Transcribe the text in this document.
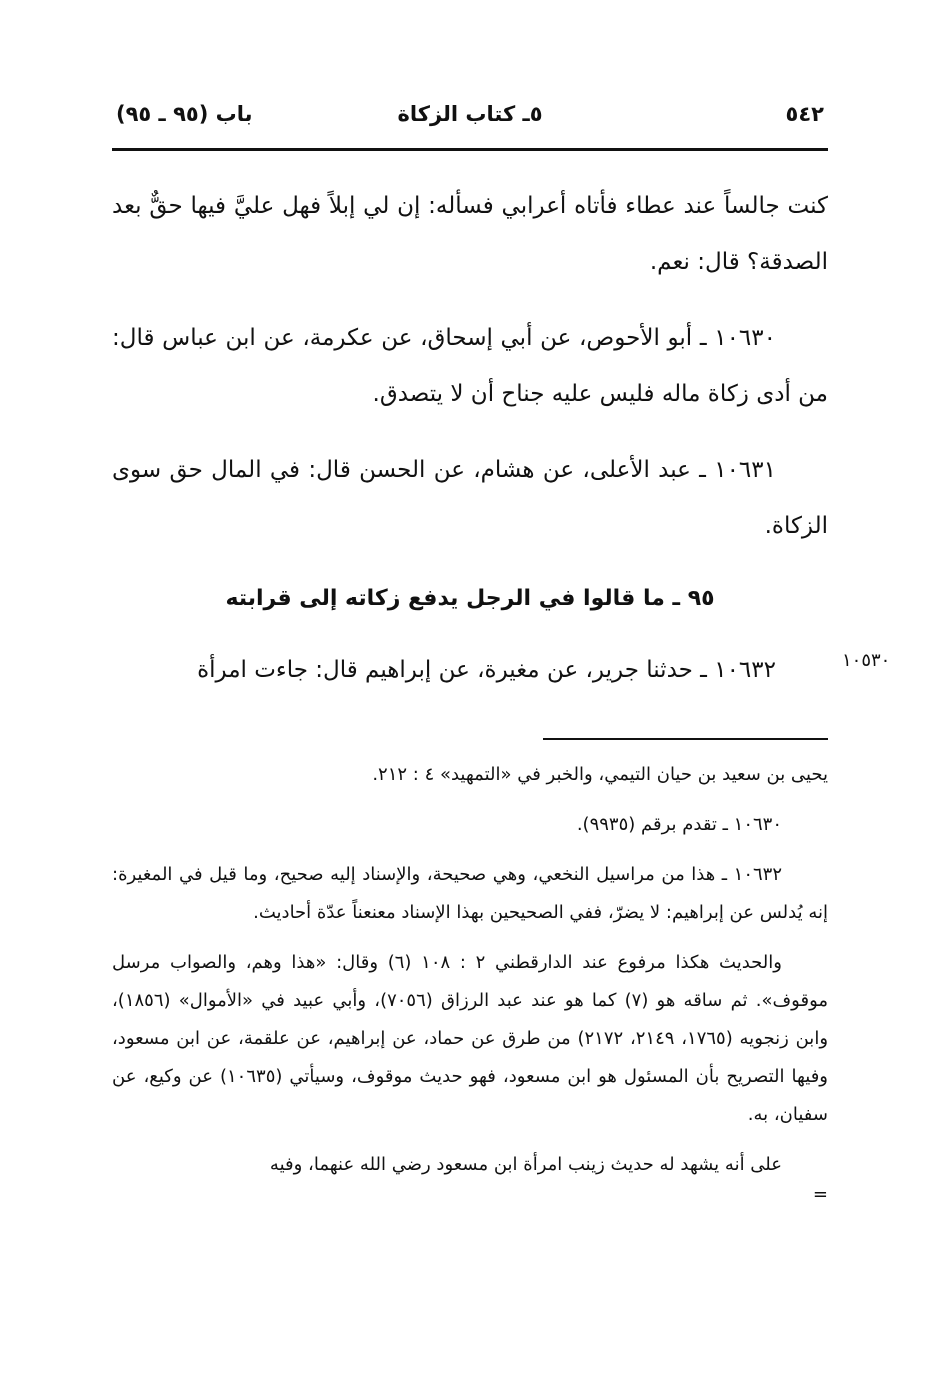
٥٤٢
٥ـ كتاب الزكاة
باب (٩٥ ـ ٩٥)

كنت جالساً عند عطاء فأتاه أعرابي فسأله: إن لي إبلاً فهل عليَّ فيها حقٌّ بعد الصدقة؟ قال: نعم.

١٠٦٣٠ ـ أبو الأحوص، عن أبي إسحاق، عن عكرمة، عن ابن عباس قال: من أدى زكاة ماله فليس عليه جناح أن لا يتصدق.

١٠٦٣١ ـ عبد الأعلى، عن هشام، عن الحسن قال: في المال حق سوى الزكاة.

٩٥ ـ ما قالوا في الرجل يدفع زكاته إلى قرابته

١٠٦٣٢ ـ حدثنا جرير، عن مغيرة، عن إبراهيم قال: جاءت امرأة	١٠٥٣٠

يحيى بن سعيد بن حيان التيمي، والخبر في «التمهيد» ٤ : ٢١٢.

١٠٦٣٠ ـ تقدم برقم (٩٩٣٥).

١٠٦٣٢ ـ هذا من مراسيل النخعي، وهي صحيحة، والإسناد إليه صحيح، وما قيل في المغيرة: إنه يُدلس عن إبراهيم: لا يضرّ، ففي الصحيحين بهذا الإسناد معنعناً عدّة أحاديث.

والحديث هكذا مرفوع عند الدارقطني ٢ : ١٠٨ (٦) وقال: «هذا وهم، والصواب مرسل موقوف». ثم ساقه هو (٧) كما هو عند عبد الرزاق (٧٠٥٦)، وأبي عبيد في «الأموال» (١٨٥٦)، وابن زنجويه (١٧٦٥، ٢١٤٩، ٢١٧٢) من طرق عن حماد، عن إبراهيم، عن علقمة، عن ابن مسعود، وفيها التصريح بأن المسئول هو ابن مسعود، فهو حديث موقوف، وسيأتي (١٠٦٣٥) عن وكيع، عن سفيان، به.

على أنه يشهد له حديث زينب امرأة ابن مسعود رضي الله عنهما، وفيه

=
